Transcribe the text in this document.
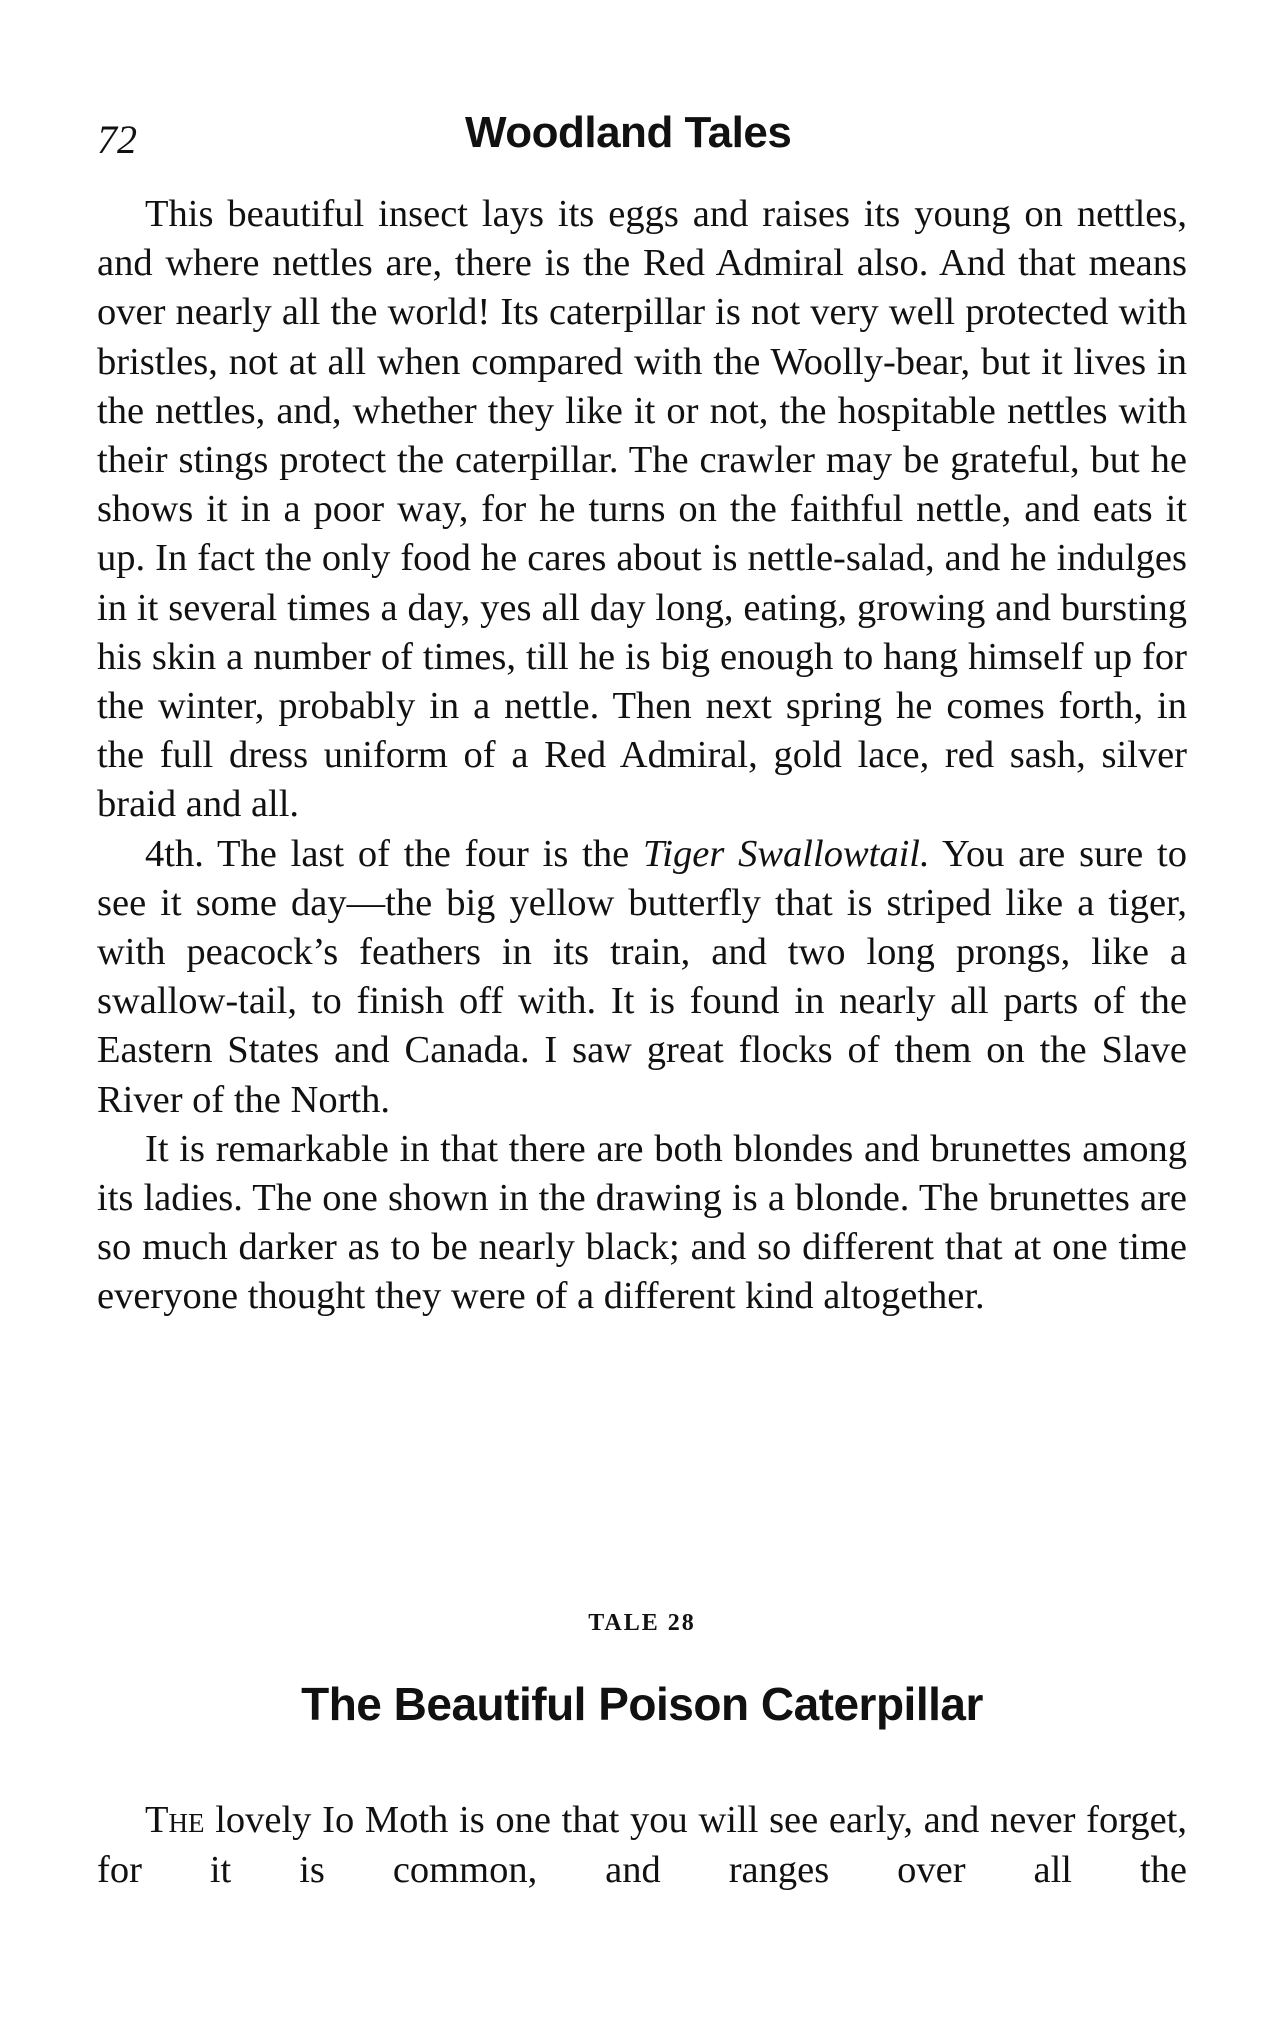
72	Woodland Tales

This beautiful insect lays its eggs and raises its young on nettles, and where nettles are, there is the Red Admiral also. And that means over nearly all the world! Its caterpillar is not very well protected with bristles, not at all when compared with the Woolly-bear, but it lives in the nettles, and, whether they like it or not, the hospitable nettles with their stings protect the caterpillar. The crawler may be grateful, but he shows it in a poor way, for he turns on the faithful nettle, and eats it up. In fact the only food he cares about is nettle-salad, and he indulges in it several times a day, yes all day long, eating, growing and bursting his skin a number of times, till he is big enough to hang himself up for the winter, probably in a nettle. Then next spring he comes forth, in the full dress uniform of a Red Admiral, gold lace, red sash, silver braid and all.

4th. The last of the four is the Tiger Swallowtail. You are sure to see it some day—the big yellow butterfly that is striped like a tiger, with peacock’s feathers in its train, and two long prongs, like a swallow-tail, to finish off with. It is found in nearly all parts of the Eastern States and Canada. I saw great flocks of them on the Slave River of the North.

It is remarkable in that there are both blondes and brunettes among its ladies. The one shown in the drawing is a blonde. The brunettes are so much darker as to be nearly black; and so different that at one time everyone thought they were of a different kind altogether.

TALE 28
The Beautiful Poison Caterpillar

The lovely Io Moth is one that you will see early, and never forget, for it is common, and ranges over all the
